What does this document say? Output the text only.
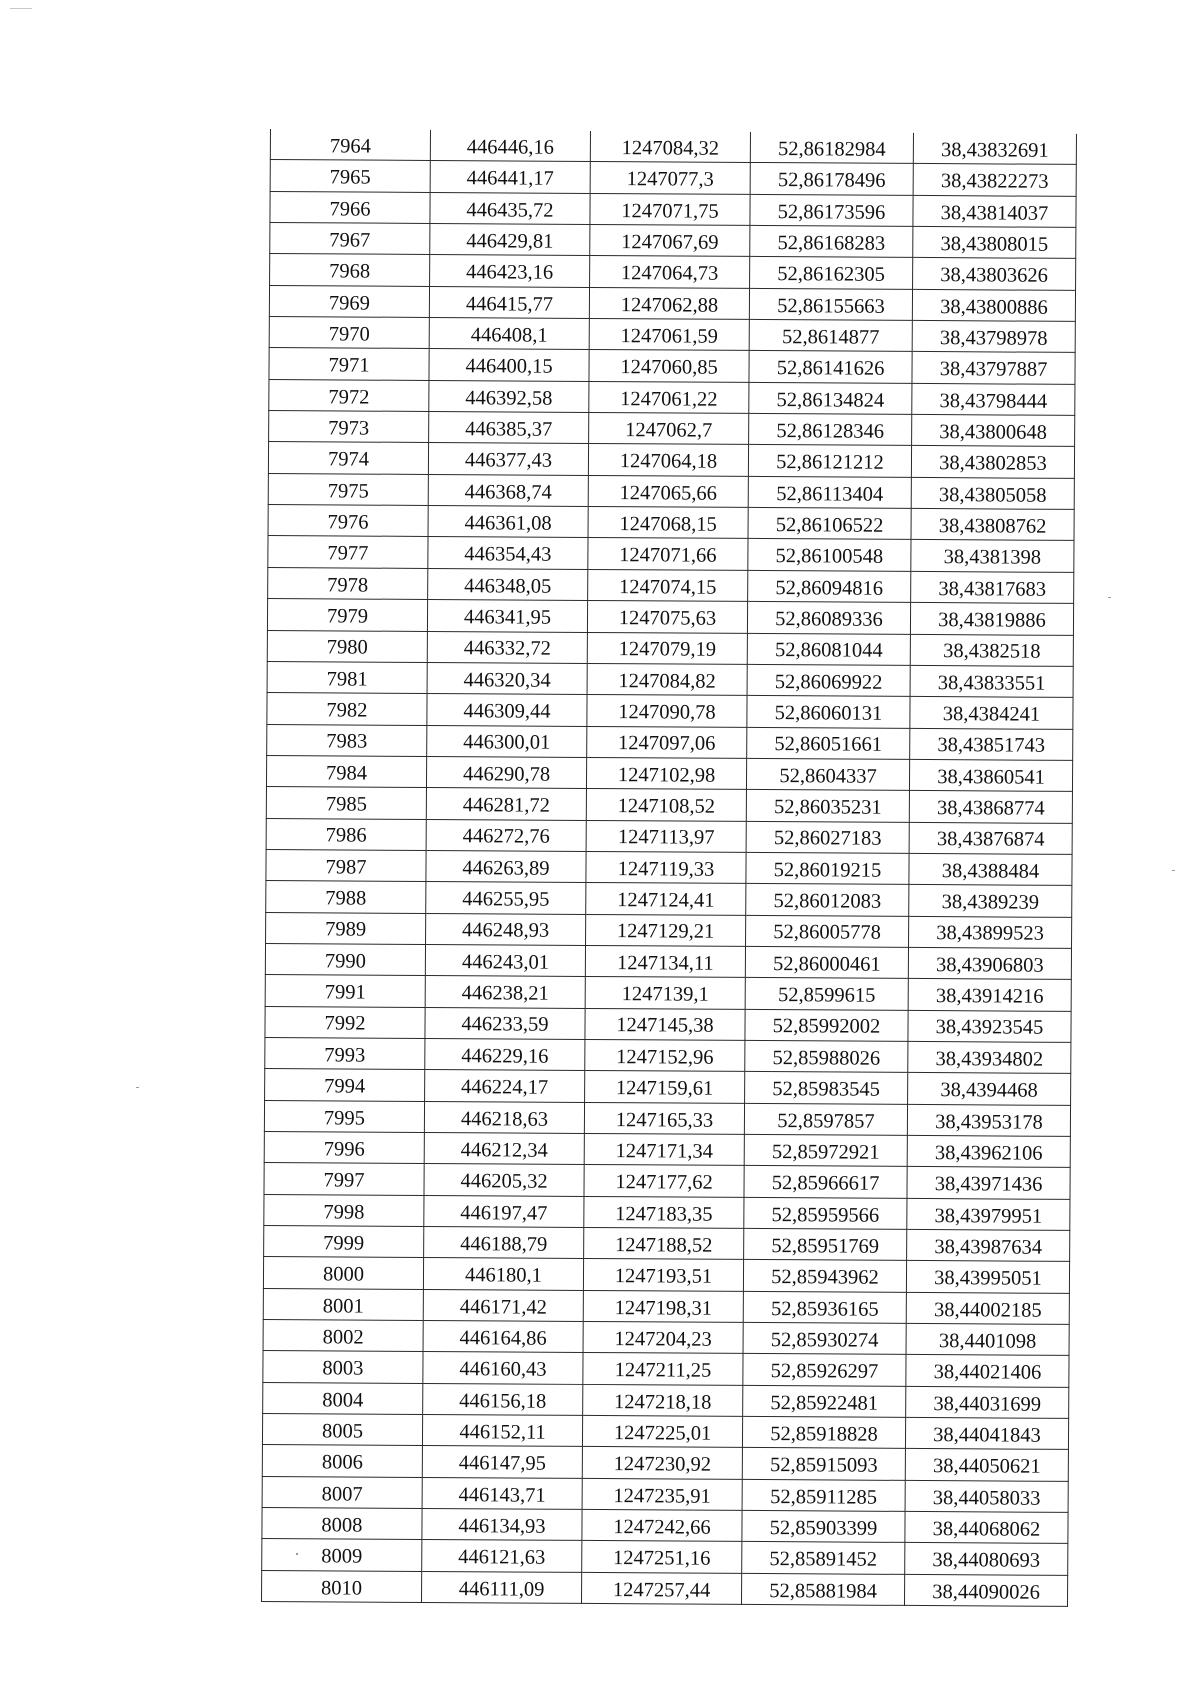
7964	446446,16	1247084,32	52,86182984	38,43832691
7965	446441,17	1247077,3	52,86178496	38,43822273
7966	446435,72	1247071,75	52,86173596	38,43814037
7967	446429,81	1247067,69	52,86168283	38,43808015
7968	446423,16	1247064,73	52,86162305	38,43803626
7969	446415,77	1247062,88	52,86155663	38,43800886
7970	446408,1	1247061,59	52,8614877	38,43798978
7971	446400,15	1247060,85	52,86141626	38,43797887
7972	446392,58	1247061,22	52,86134824	38,43798444
7973	446385,37	1247062,7	52,86128346	38,43800648
7974	446377,43	1247064,18	52,86121212	38,43802853
7975	446368,74	1247065,66	52,86113404	38,43805058
7976	446361,08	1247068,15	52,86106522	38,43808762
7977	446354,43	1247071,66	52,86100548	38,4381398
7978	446348,05	1247074,15	52,86094816	38,43817683
7979	446341,95	1247075,63	52,86089336	38,43819886
7980	446332,72	1247079,19	52,86081044	38,4382518
7981	446320,34	1247084,82	52,86069922	38,43833551
7982	446309,44	1247090,78	52,86060131	38,4384241
7983	446300,01	1247097,06	52,86051661	38,43851743
7984	446290,78	1247102,98	52,8604337	38,43860541
7985	446281,72	1247108,52	52,86035231	38,43868774
7986	446272,76	1247113,97	52,86027183	38,43876874
7987	446263,89	1247119,33	52,86019215	38,4388484
7988	446255,95	1247124,41	52,86012083	38,4389239
7989	446248,93	1247129,21	52,86005778	38,43899523
7990	446243,01	1247134,11	52,86000461	38,43906803
7991	446238,21	1247139,1	52,8599615	38,43914216
7992	446233,59	1247145,38	52,85992002	38,43923545
7993	446229,16	1247152,96	52,85988026	38,43934802
7994	446224,17	1247159,61	52,85983545	38,4394468
7995	446218,63	1247165,33	52,8597857	38,43953178
7996	446212,34	1247171,34	52,85972921	38,43962106
7997	446205,32	1247177,62	52,85966617	38,43971436
7998	446197,47	1247183,35	52,85959566	38,43979951
7999	446188,79	1247188,52	52,85951769	38,43987634
8000	446180,1	1247193,51	52,85943962	38,43995051
8001	446171,42	1247198,31	52,85936165	38,44002185
8002	446164,86	1247204,23	52,85930274	38,4401098
8003	446160,43	1247211,25	52,85926297	38,44021406
8004	446156,18	1247218,18	52,85922481	38,44031699
8005	446152,11	1247225,01	52,85918828	38,44041843
8006	446147,95	1247230,92	52,85915093	38,44050621
8007	446143,71	1247235,91	52,85911285	38,44058033
8008	446134,93	1247242,66	52,85903399	38,44068062
8009	446121,63	1247251,16	52,85891452	38,44080693
8010	446111,09	1247257,44	52,85881984	38,44090026
